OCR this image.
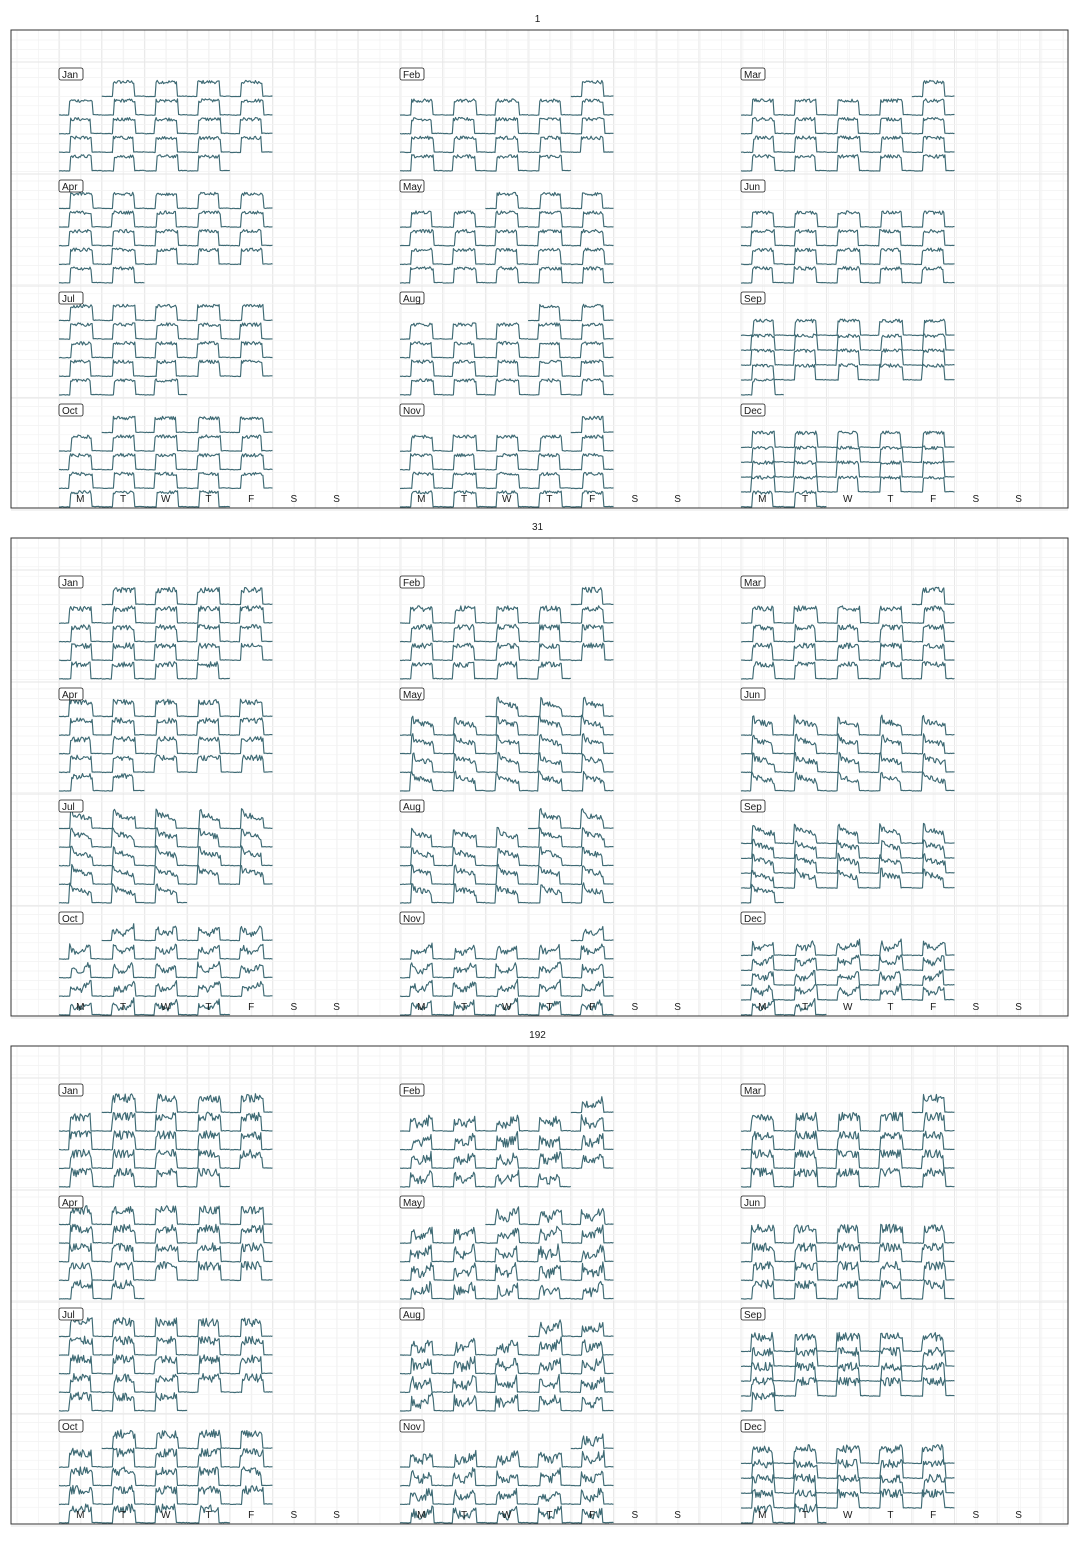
1
Jan	Feb	Mar
Apr	May	Jun
Jul	Aug	Sep
Oct	Nov	Dec
M	T	W	T	F	S	S	M	T	W	T	F	S	S	M	T	W	T	F	S	S
31
Jan	Feb	Mar
Apr	May	Jun
Jul	Aug	Sep
Oct	Nov	Dec
M	T	W	T	F	S	S	M	T	W	T	F	S	S	M	T	W	T	F	S	S
192
Jan	Feb	Mar
Apr	May	Jun
Jul	Aug	Sep
Oct	Nov	Dec
M	T	W	T	F	S	S	M	T	W	T	F	S	S	M	T	W	T	F	S	S
